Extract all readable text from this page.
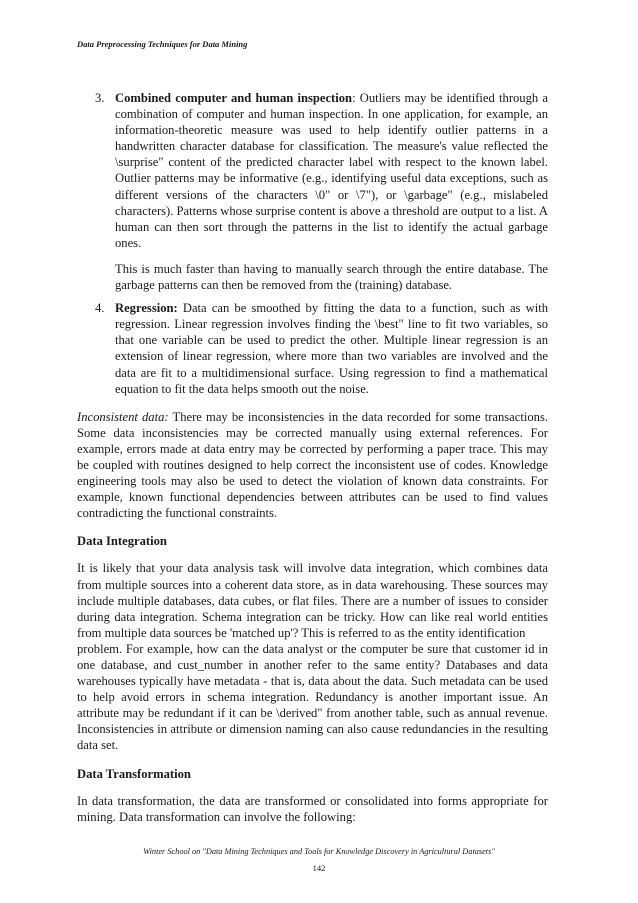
Data Preprocessing Techniques for Data Mining
3. Combined computer and human inspection: Outliers may be identified through a combination of computer and human inspection. In one application, for example, an information-theoretic measure was used to help identify outlier patterns in a handwritten character database for classification. The measure's value reflected the \surprise" content of the predicted character label with respect to the known label. Outlier patterns may be informative (e.g., identifying useful data exceptions, such as different versions of the characters \0" or \7"), or \garbage" (e.g., mislabeled characters). Patterns whose surprise content is above a threshold are output to a list. A human can then sort through the patterns in the list to identify the actual garbage ones.

This is much faster than having to manually search through the entire database. The garbage patterns can then be removed from the (training) database.

4. Regression: Data can be smoothed by fitting the data to a function, such as with regression. Linear regression involves finding the \best" line to fit two variables, so that one variable can be used to predict the other. Multiple linear regression is an extension of linear regression, where more than two variables are involved and the data are fit to a multidimensional surface. Using regression to find a mathematical equation to fit the data helps smooth out the noise.

Inconsistent data: There may be inconsistencies in the data recorded for some transactions. Some data inconsistencies may be corrected manually using external references. For example, errors made at data entry may be corrected by performing a paper trace. This may be coupled with routines designed to help correct the inconsistent use of codes. Knowledge engineering tools may also be used to detect the violation of known data constraints. For example, known functional dependencies between attributes can be used to find values contradicting the functional constraints.

Data Integration

It is likely that your data analysis task will involve data integration, which combines data from multiple sources into a coherent data store, as in data warehousing. These sources may include multiple databases, data cubes, or flat files. There are a number of issues to consider during data integration. Schema integration can be tricky. How can like real world entities from multiple data sources be 'matched up'? This is referred to as the entity identification
problem. For example, how can the data analyst or the computer be sure that customer id in one database, and cust_number in another refer to the same entity? Databases and data warehouses typically have metadata - that is, data about the data. Such metadata can be used to help avoid errors in schema integration. Redundancy is another important issue. An attribute may be redundant if it can be \derived" from another table, such as annual revenue. Inconsistencies in attribute or dimension naming can also cause redundancies in the resulting data set.

Data Transformation

In data transformation, the data are transformed or consolidated into forms appropriate for mining. Data transformation can involve the following:

Winter School on "Data Mining Techniques and Tools for Knowledge Discovery in Agricultural Datasets"
142
